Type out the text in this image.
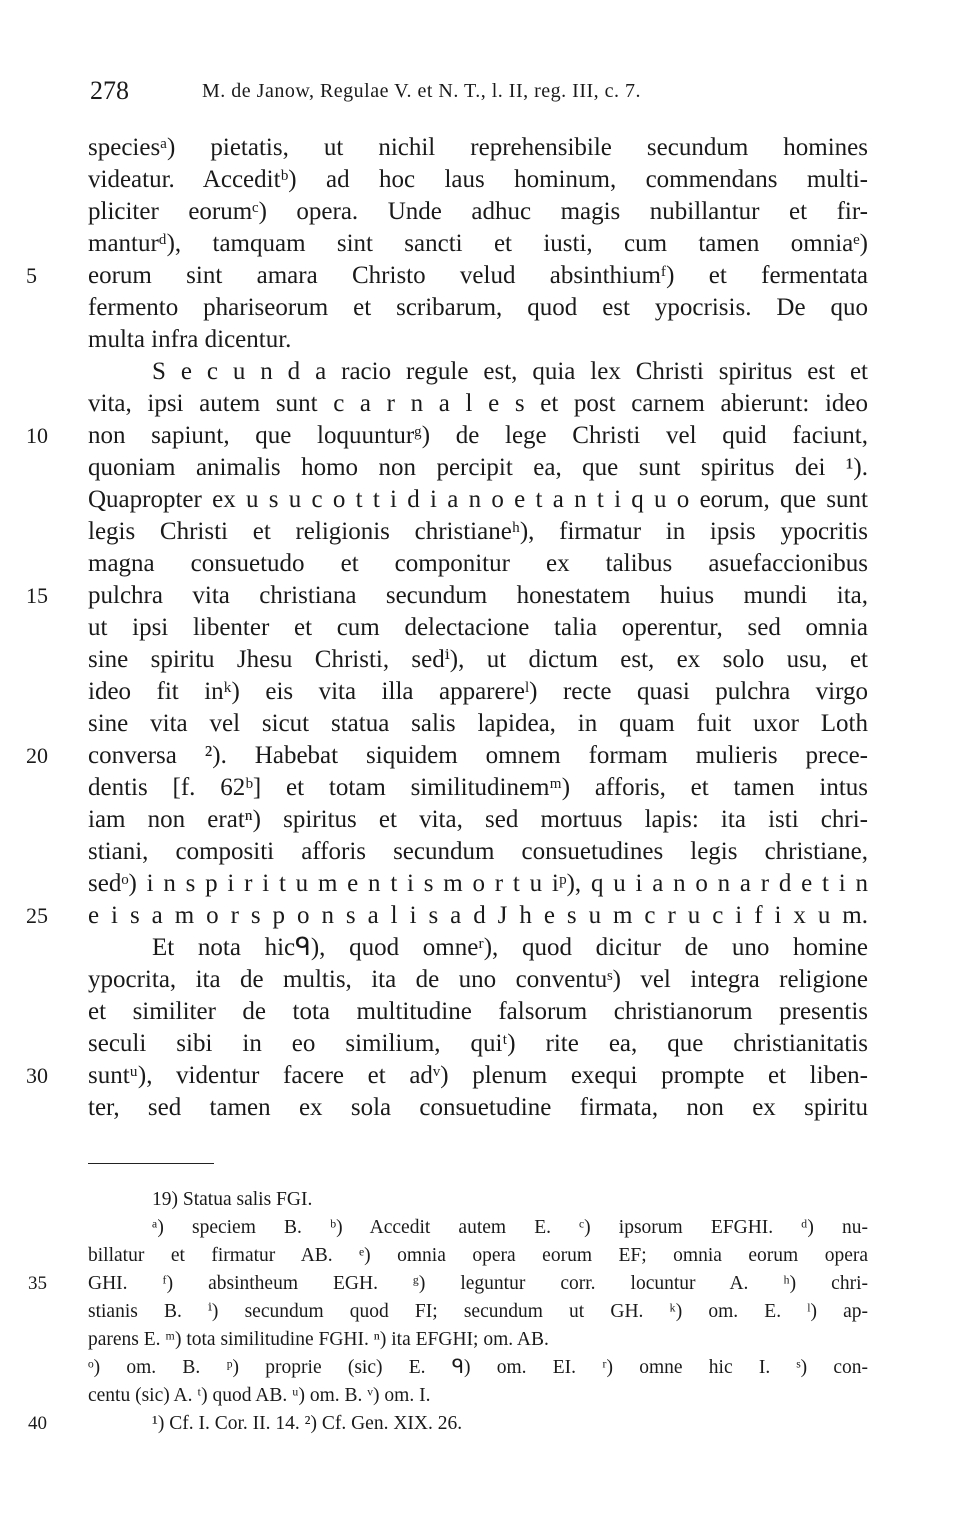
278	M. de Janow, Regulae V. et N. T., l. II, reg. III, c. 7.
speciesᵃ) pietatis, ut nichil reprehensibile secundum homines
videatur. Acceditᵇ) ad hoc laus hominum, commendans multi-
pliciter eorumᶜ) opera. Unde adhuc magis nubillantur et fir-
manturᵈ), tamquam sint sancti et iusti, cum tamen omniaᵉ)
5	eorum sint amara Christo velud absinthiumᶠ) et fermentata
fermento phariseorum et scribarum, quod est ypocrisis. De quo
multa infra dicentur.
S e c u n d a racio regule est, quia lex Christi spiritus est et
vita, ipsi autem sunt c a r n a l e s et post carnem abierunt: ideo
10	non sapiunt, que loquunturᵍ) de lege Christi vel quid faciunt,
quoniam animalis homo non percipit ea, que sunt spiritus dei ¹).
Quapropter ex u s u c o t t i d i a n o e t a n t i q u o eorum, que sunt
legis Christi et religionis christianeʰ), firmatur in ipsis ypocritis
magna consuetudo et componitur ex talibus asuefaccionibus
15	pulchra vita christiana secundum honestatem huius mundi ita,
ut ipsi libenter et cum delectacione talia operentur, sed omnia
sine spiritu Jhesu Christi, sedⁱ), ut dictum est, ex solo usu, et
ideo fit inᵏ) eis vita illa apparereˡ) recte quasi pulchra virgo
sine vita vel sicut statua salis lapidea, in quam fuit uxor Loth
20	conversa ²). Habebat siquidem omnem formam mulieris prece-
dentis [f. 62ᵇ] et totam similitudinemᵐ) afforis, et tamen intus
iam non eratⁿ) spiritus et vita, sed mortuus lapis: ita isti chri-
stiani, compositi afforis secundum consuetudines legis christiane,
sedᵒ) i n s p i r i t u m e n t i s m o r t u iᵖ), q u i a n o n a r d e t i n
25	e i s a m o r s p o n s a l i s a d J h e s u m c r u c i f i x u m.
Et nota hicᑫ), quod omneʳ), quod dicitur de uno homine
ypocrita, ita de multis, ita de uno conventuˢ) vel integra religione
et similiter de tota multitudine falsorum christianorum presentis
seculi sibi in eo similium, quiᵗ) rite ea, que christianitatis
30	suntᵘ), videntur facere et adᵛ) plenum exequi prompte et liben-
ter, sed tamen ex sola consuetudine firmata, non ex spiritu
19) Statua salis FGI.
ᵃ) speciem B. ᵇ) Accedit autem E. ᶜ) ipsorum EFGHI. ᵈ) nu-
billatur et firmatur AB. ᵉ) omnia opera eorum EF; omnia eorum opera
35 GHI. ᶠ) absintheum EGH. ᵍ) leguntur corr. locuntur A. ʰ) chri-
stianis B. ⁱ) secundum quod FI; secundum ut GH. ᵏ) om. E. ˡ) ap-
parens E. ᵐ) tota similitudine FGHI. ⁿ) ita EFGHI; om. AB.
ᵒ) om. B. ᵖ) proprie (sic) E. ᑫ) om. EI. ʳ) omne hic I. ˢ) con-
centu (sic) A. ᵗ) quod AB. ᵘ) om. B. ᵛ) om. I.
40	¹) Cf. I. Cor. II. 14. ²) Cf. Gen. XIX. 26.
